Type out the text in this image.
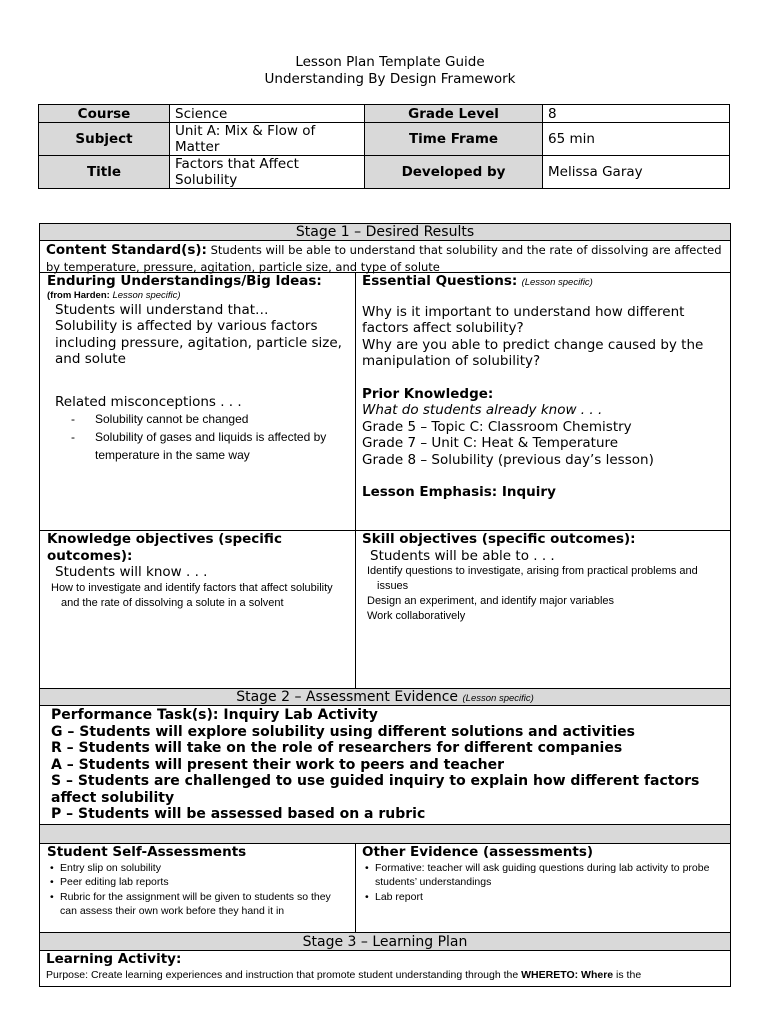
Lesson Plan Template Guide
Understanding By Design Framework
Course	Science	Grade Level	8
Subject	Unit A: Mix & Flow of Matter	Time Frame	65 min
Title	Factors that Affect Solubility	Developed by	Melissa Garay
Stage 1 – Desired Results
Content Standard(s): Students will be able to understand that solubility and the rate of dissolving are affected by temperature, pressure, agitation, particle size, and type of solute
Enduring Understandings/Big Ideas:
(from Harden: Lesson specific)
Students will understand that…
Solubility is affected by various factors including pressure, agitation, particle size, and solute
Related misconceptions . . .
- Solubility cannot be changed
- Solubility of gases and liquids is affected by temperature in the same way
Essential Questions: (Lesson specific)
Why is it important to understand how different factors affect solubility?
Why are you able to predict change caused by the manipulation of solubility?
Prior Knowledge:
What do students already know . . .
Grade 5 – Topic C: Classroom Chemistry
Grade 7 – Unit C: Heat & Temperature
Grade 8 – Solubility (previous day’s lesson)
Lesson Emphasis: Inquiry
Knowledge objectives (specific outcomes):
Students will know . . .
How to investigate and identify factors that affect solubility and the rate of dissolving a solute in a solvent
Skill objectives (specific outcomes):
Students will be able to . . .
Identify questions to investigate, arising from practical problems and issues
Design an experiment, and identify major variables
Work collaboratively
Stage 2 – Assessment Evidence (Lesson specific)
Performance Task(s): Inquiry Lab Activity
G – Students will explore solubility using different solutions and activities
R – Students will take on the role of researchers for different companies
A – Students will present their work to peers and teacher
S – Students are challenged to use guided inquiry to explain how different factors affect solubility
P – Students will be assessed based on a rubric
Student Self-Assessments
• Entry slip on solubility
• Peer editing lab reports
• Rubric for the assignment will be given to students so they can assess their own work before they hand it in
Other Evidence (assessments)
• Formative: teacher will ask guiding questions during lab activity to probe students’ understandings
• Lab report
Stage 3 – Learning Plan
Learning Activity:
Purpose: Create learning experiences and instruction that promote student understanding through the WHERETO: Where is the
